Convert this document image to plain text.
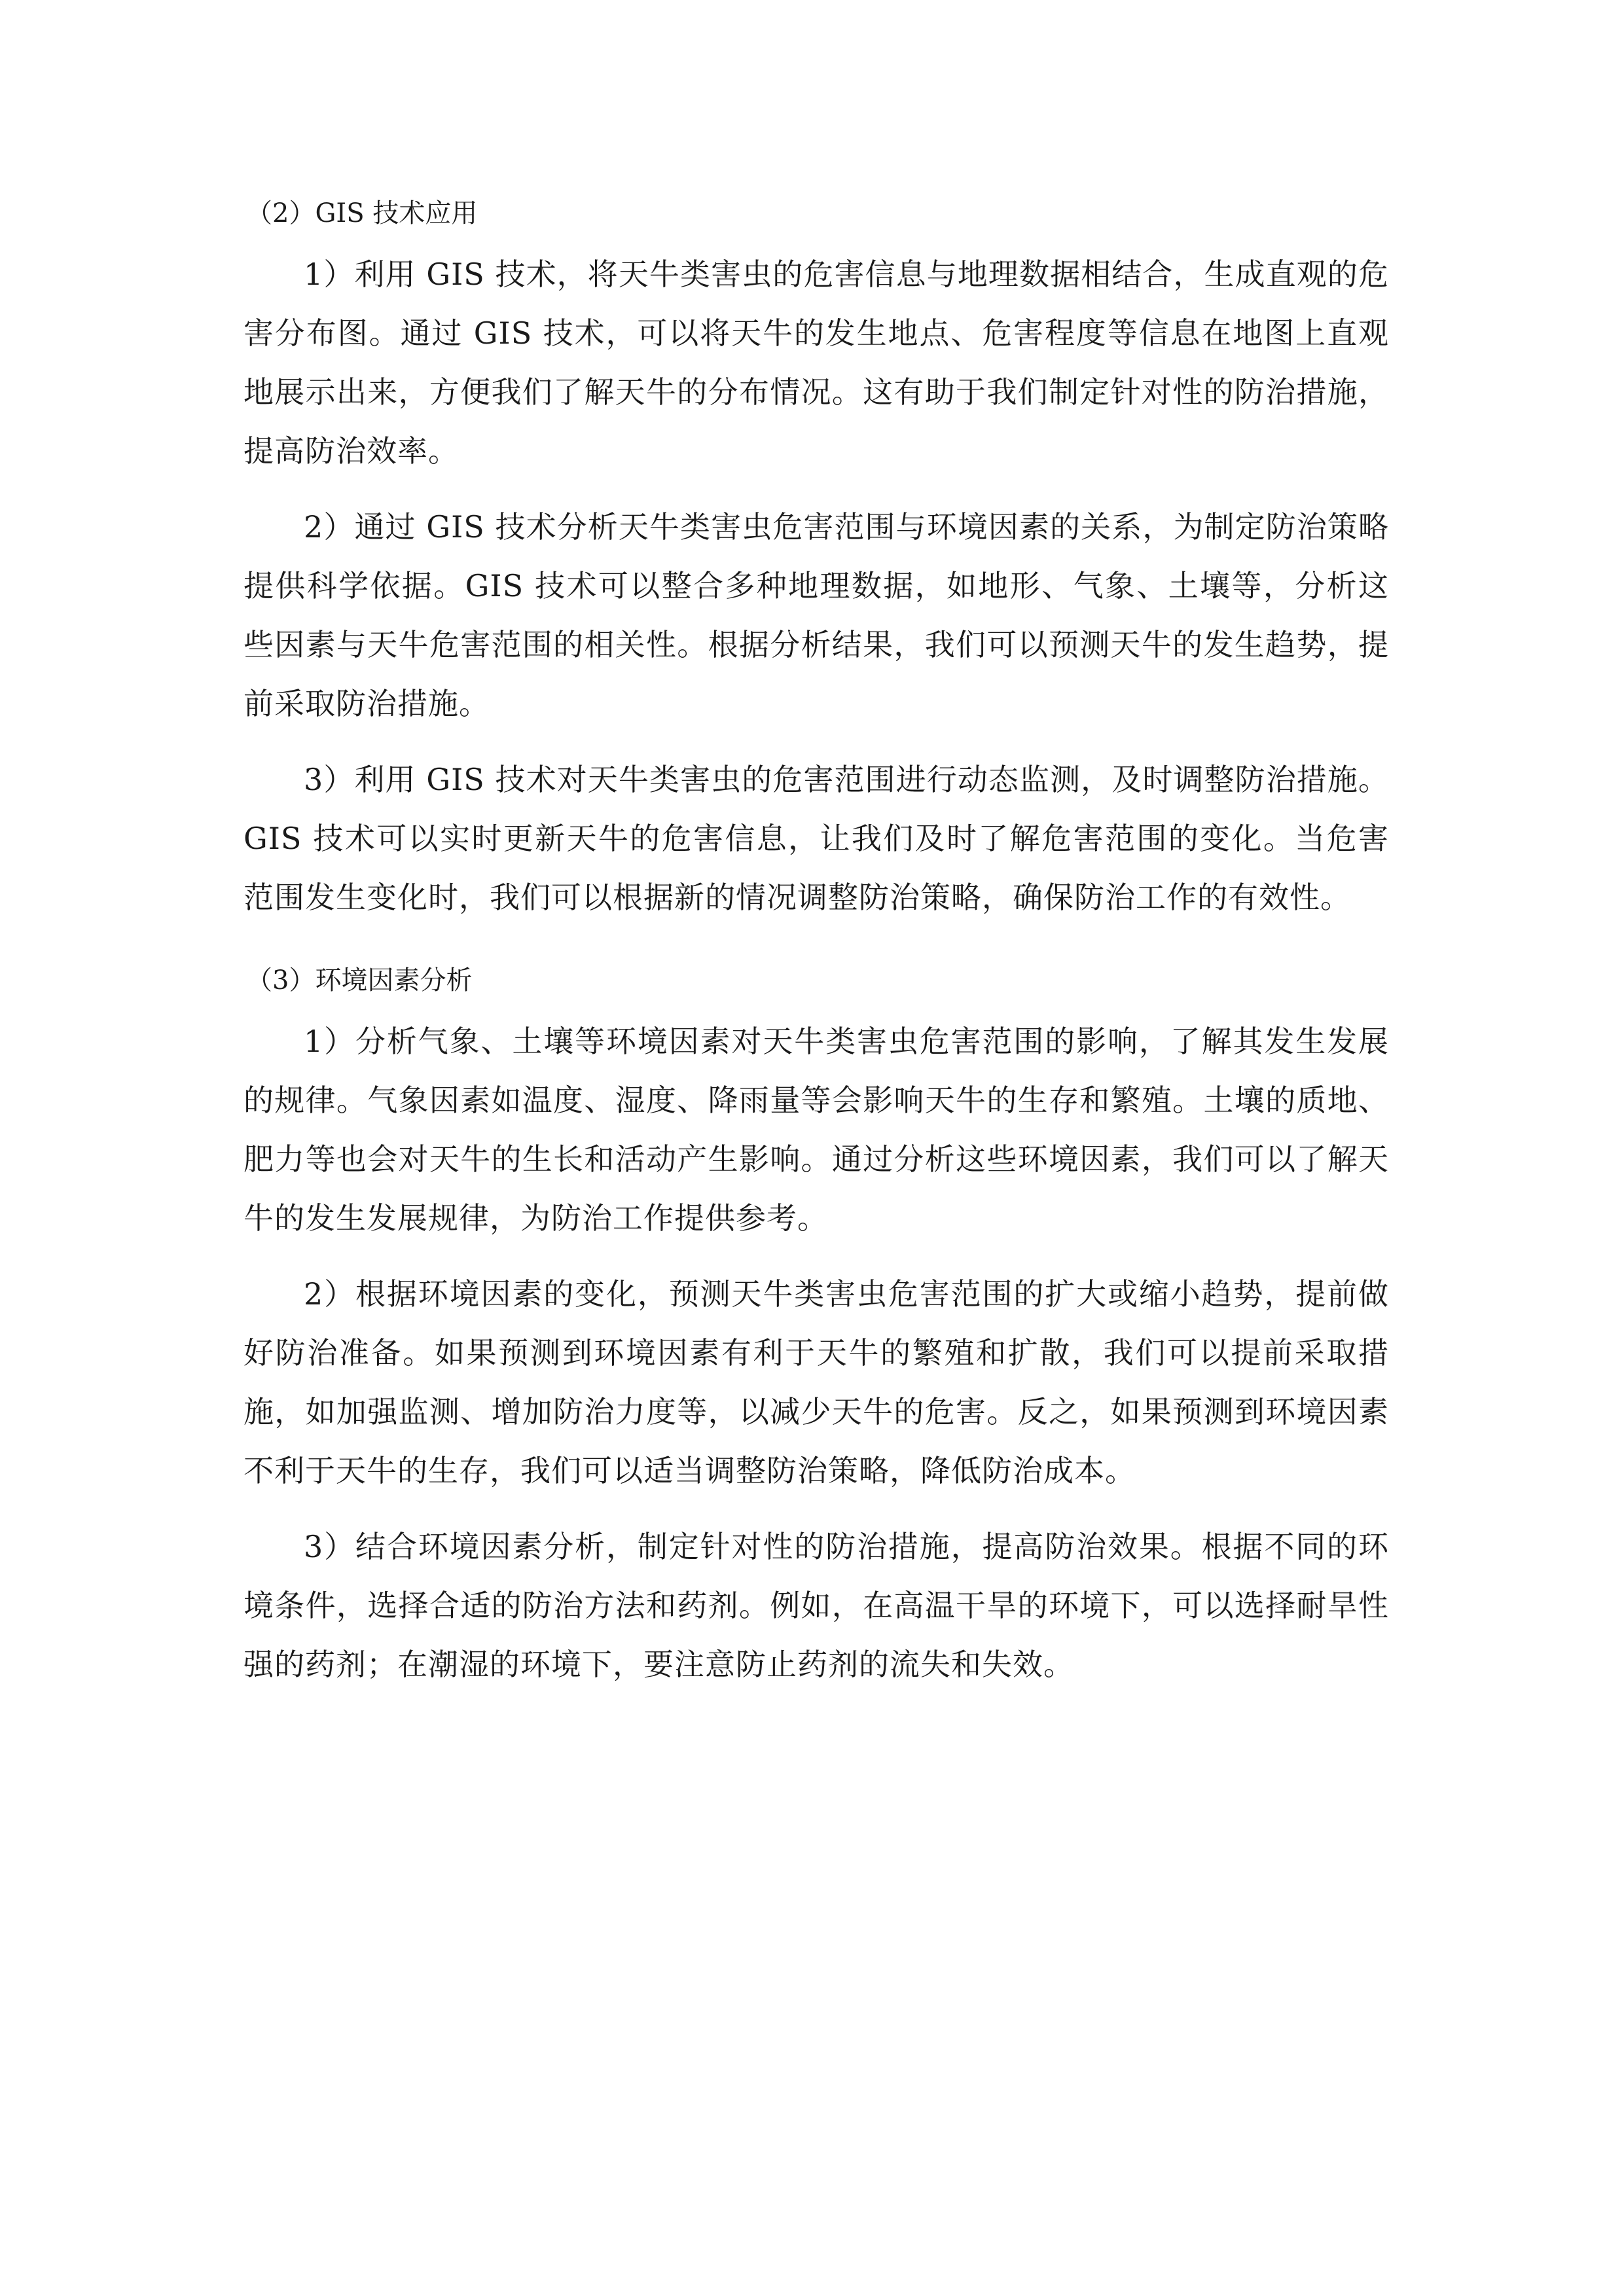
（2）GIS 技术应用

1）利用 GIS 技术，将天牛类害虫的危害信息与地理数据相结合，生成直观的危害分布图。通过 GIS 技术，可以将天牛的发生地点、危害程度等信息在地图上直观地展示出来，方便我们了解天牛的分布情况。这有助于我们制定针对性的防治措施，提高防治效率。

2）通过 GIS 技术分析天牛类害虫危害范围与环境因素的关系，为制定防治策略提供科学依据。GIS 技术可以整合多种地理数据，如地形、气象、土壤等，分析这些因素与天牛危害范围的相关性。根据分析结果，我们可以预测天牛的发生趋势，提前采取防治措施。

3）利用 GIS 技术对天牛类害虫的危害范围进行动态监测，及时调整防治措施。GIS 技术可以实时更新天牛的危害信息，让我们及时了解危害范围的变化。当危害范围发生变化时，我们可以根据新的情况调整防治策略，确保防治工作的有效性。

（3）环境因素分析

1）分析气象、土壤等环境因素对天牛类害虫危害范围的影响，了解其发生发展的规律。气象因素如温度、湿度、降雨量等会影响天牛的生存和繁殖。土壤的质地、肥力等也会对天牛的生长和活动产生影响。通过分析这些环境因素，我们可以了解天牛的发生发展规律，为防治工作提供参考。

2）根据环境因素的变化，预测天牛类害虫危害范围的扩大或缩小趋势，提前做好防治准备。如果预测到环境因素有利于天牛的繁殖和扩散，我们可以提前采取措施，如加强监测、增加防治力度等，以减少天牛的危害。反之，如果预测到环境因素不利于天牛的生存，我们可以适当调整防治策略，降低防治成本。

3）结合环境因素分析，制定针对性的防治措施，提高防治效果。根据不同的环境条件，选择合适的防治方法和药剂。例如，在高温干旱的环境下，可以选择耐旱性强的药剂；在潮湿的环境下，要注意防止药剂的流失和失效。
